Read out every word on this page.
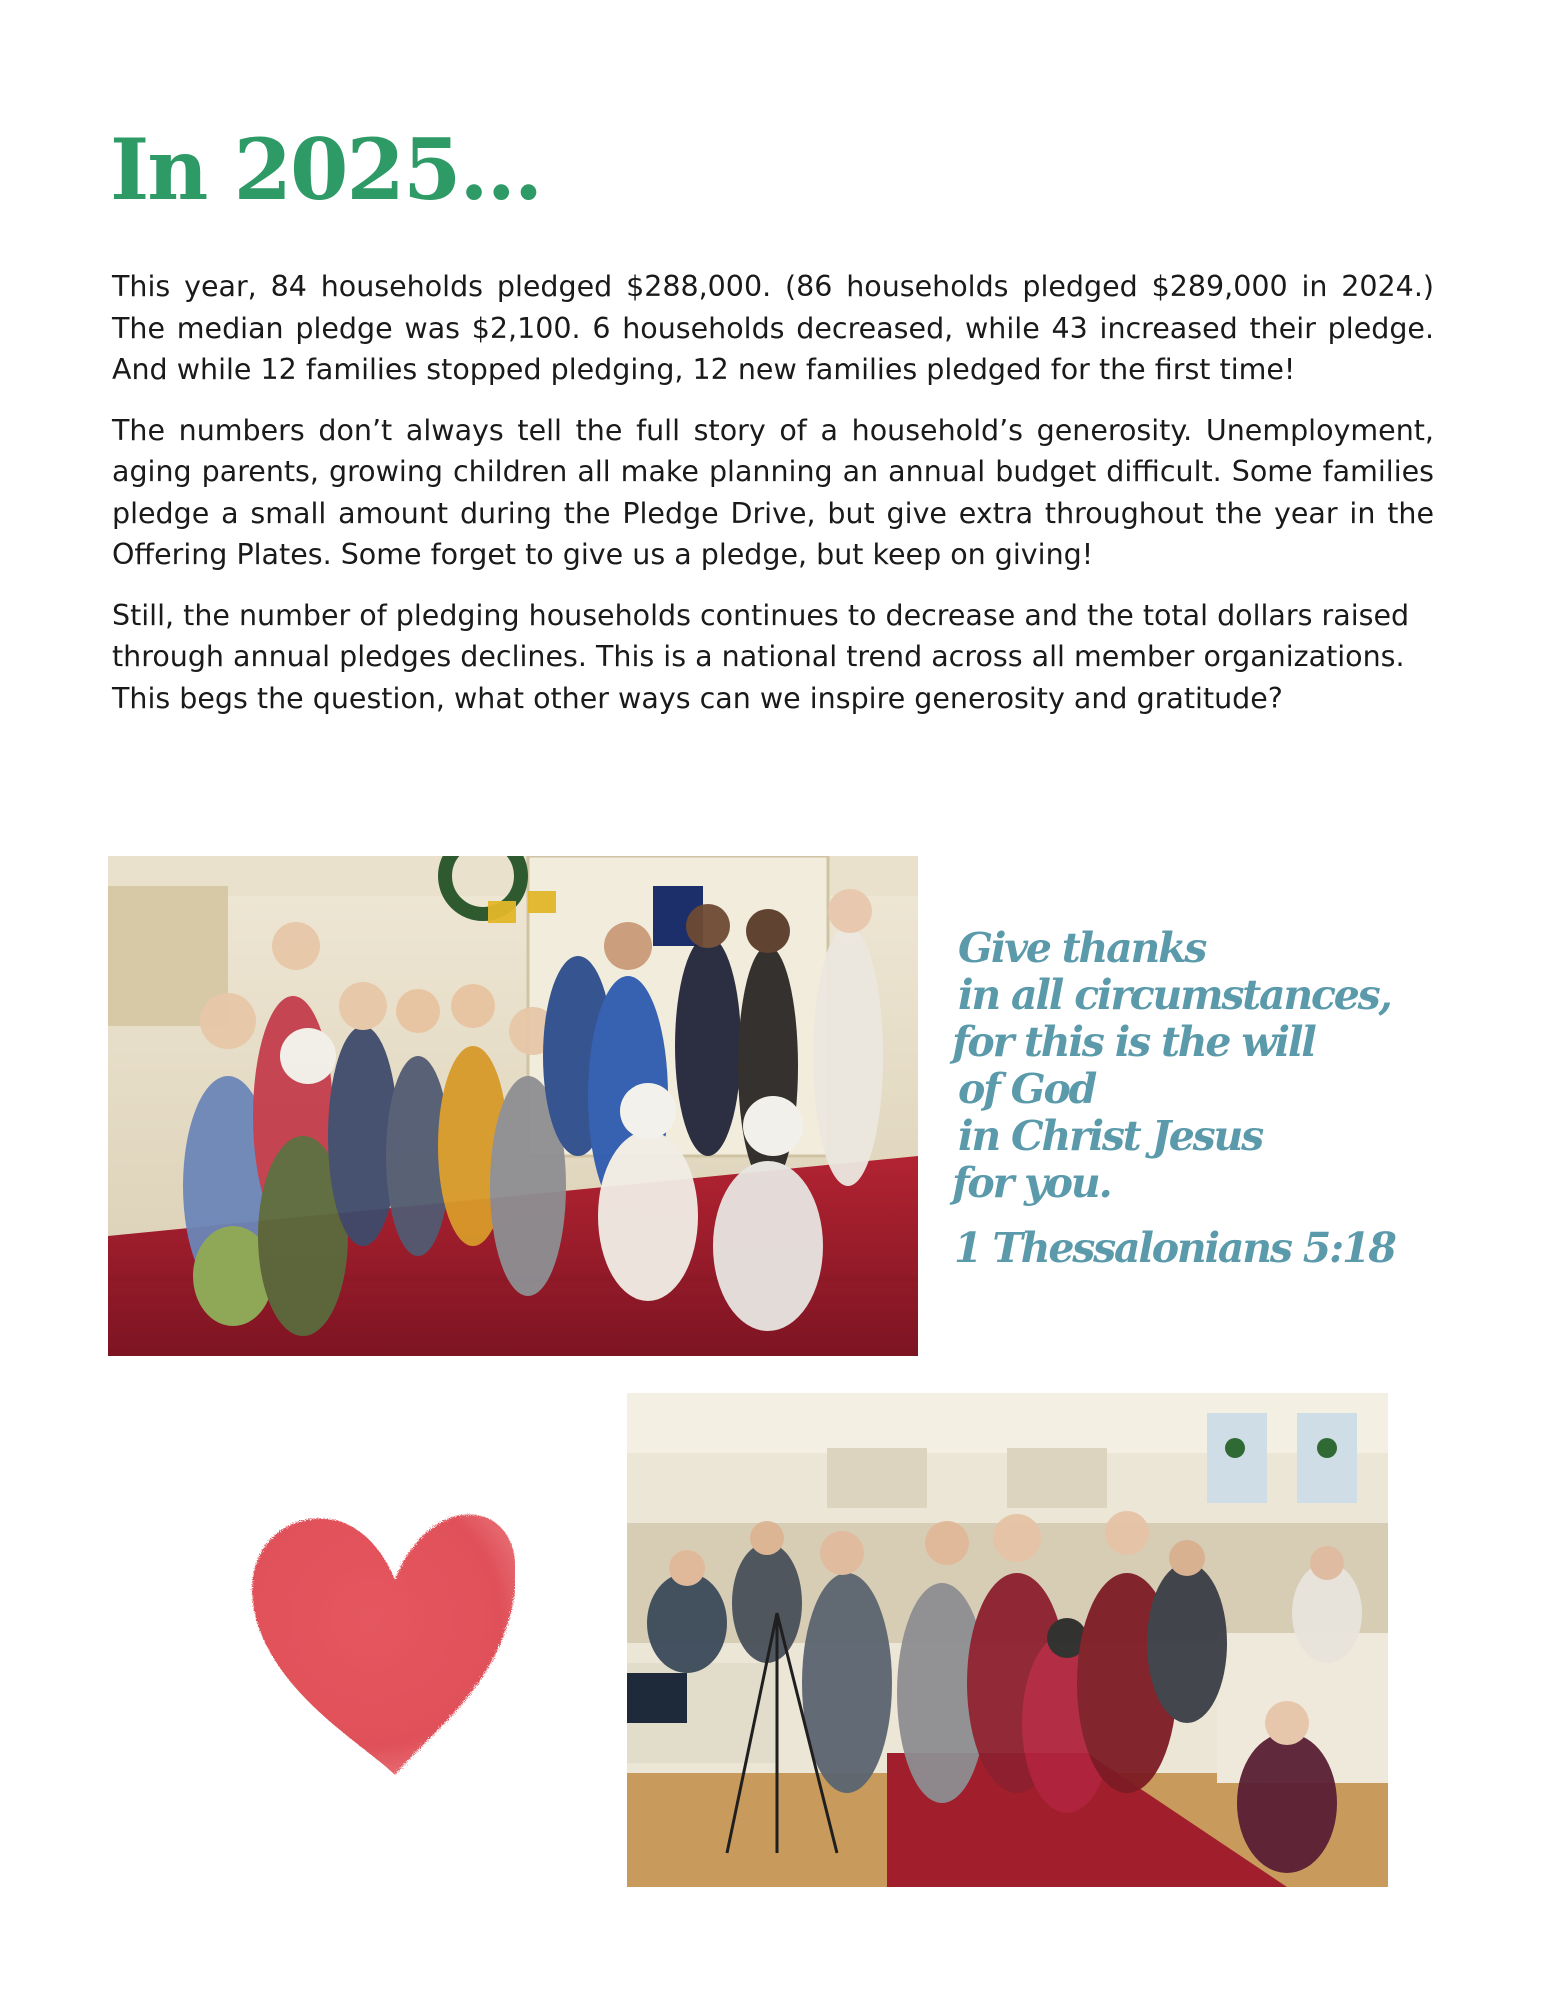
In 2025...

This year, 84 households pledged $288,000. (86 households pledged $289,000 in 2024.) The median pledge was $2,100. 6 households decreased, while 43 increased their pledge. And while 12 families stopped pledging, 12 new families pledged for the first time!

The numbers don’t always tell the full story of a household’s generosity. Unemployment, aging parents, growing children all make planning an annual budget difficult. Some families pledge a small amount during the Pledge Drive, but give extra throughout the year in the Offering Plates. Some forget to give us a pledge, but keep on giving!

Still, the number of pledging households continues to decrease and the total dollars raised through annual pledges declines. This is a national trend across all member organizations. This begs the question, what other ways can we inspire generosity and gratitude?

Give thanks
in all circumstances,
for this is the will
of God
in Christ Jesus
for you.
1 Thessalonians 5:18
